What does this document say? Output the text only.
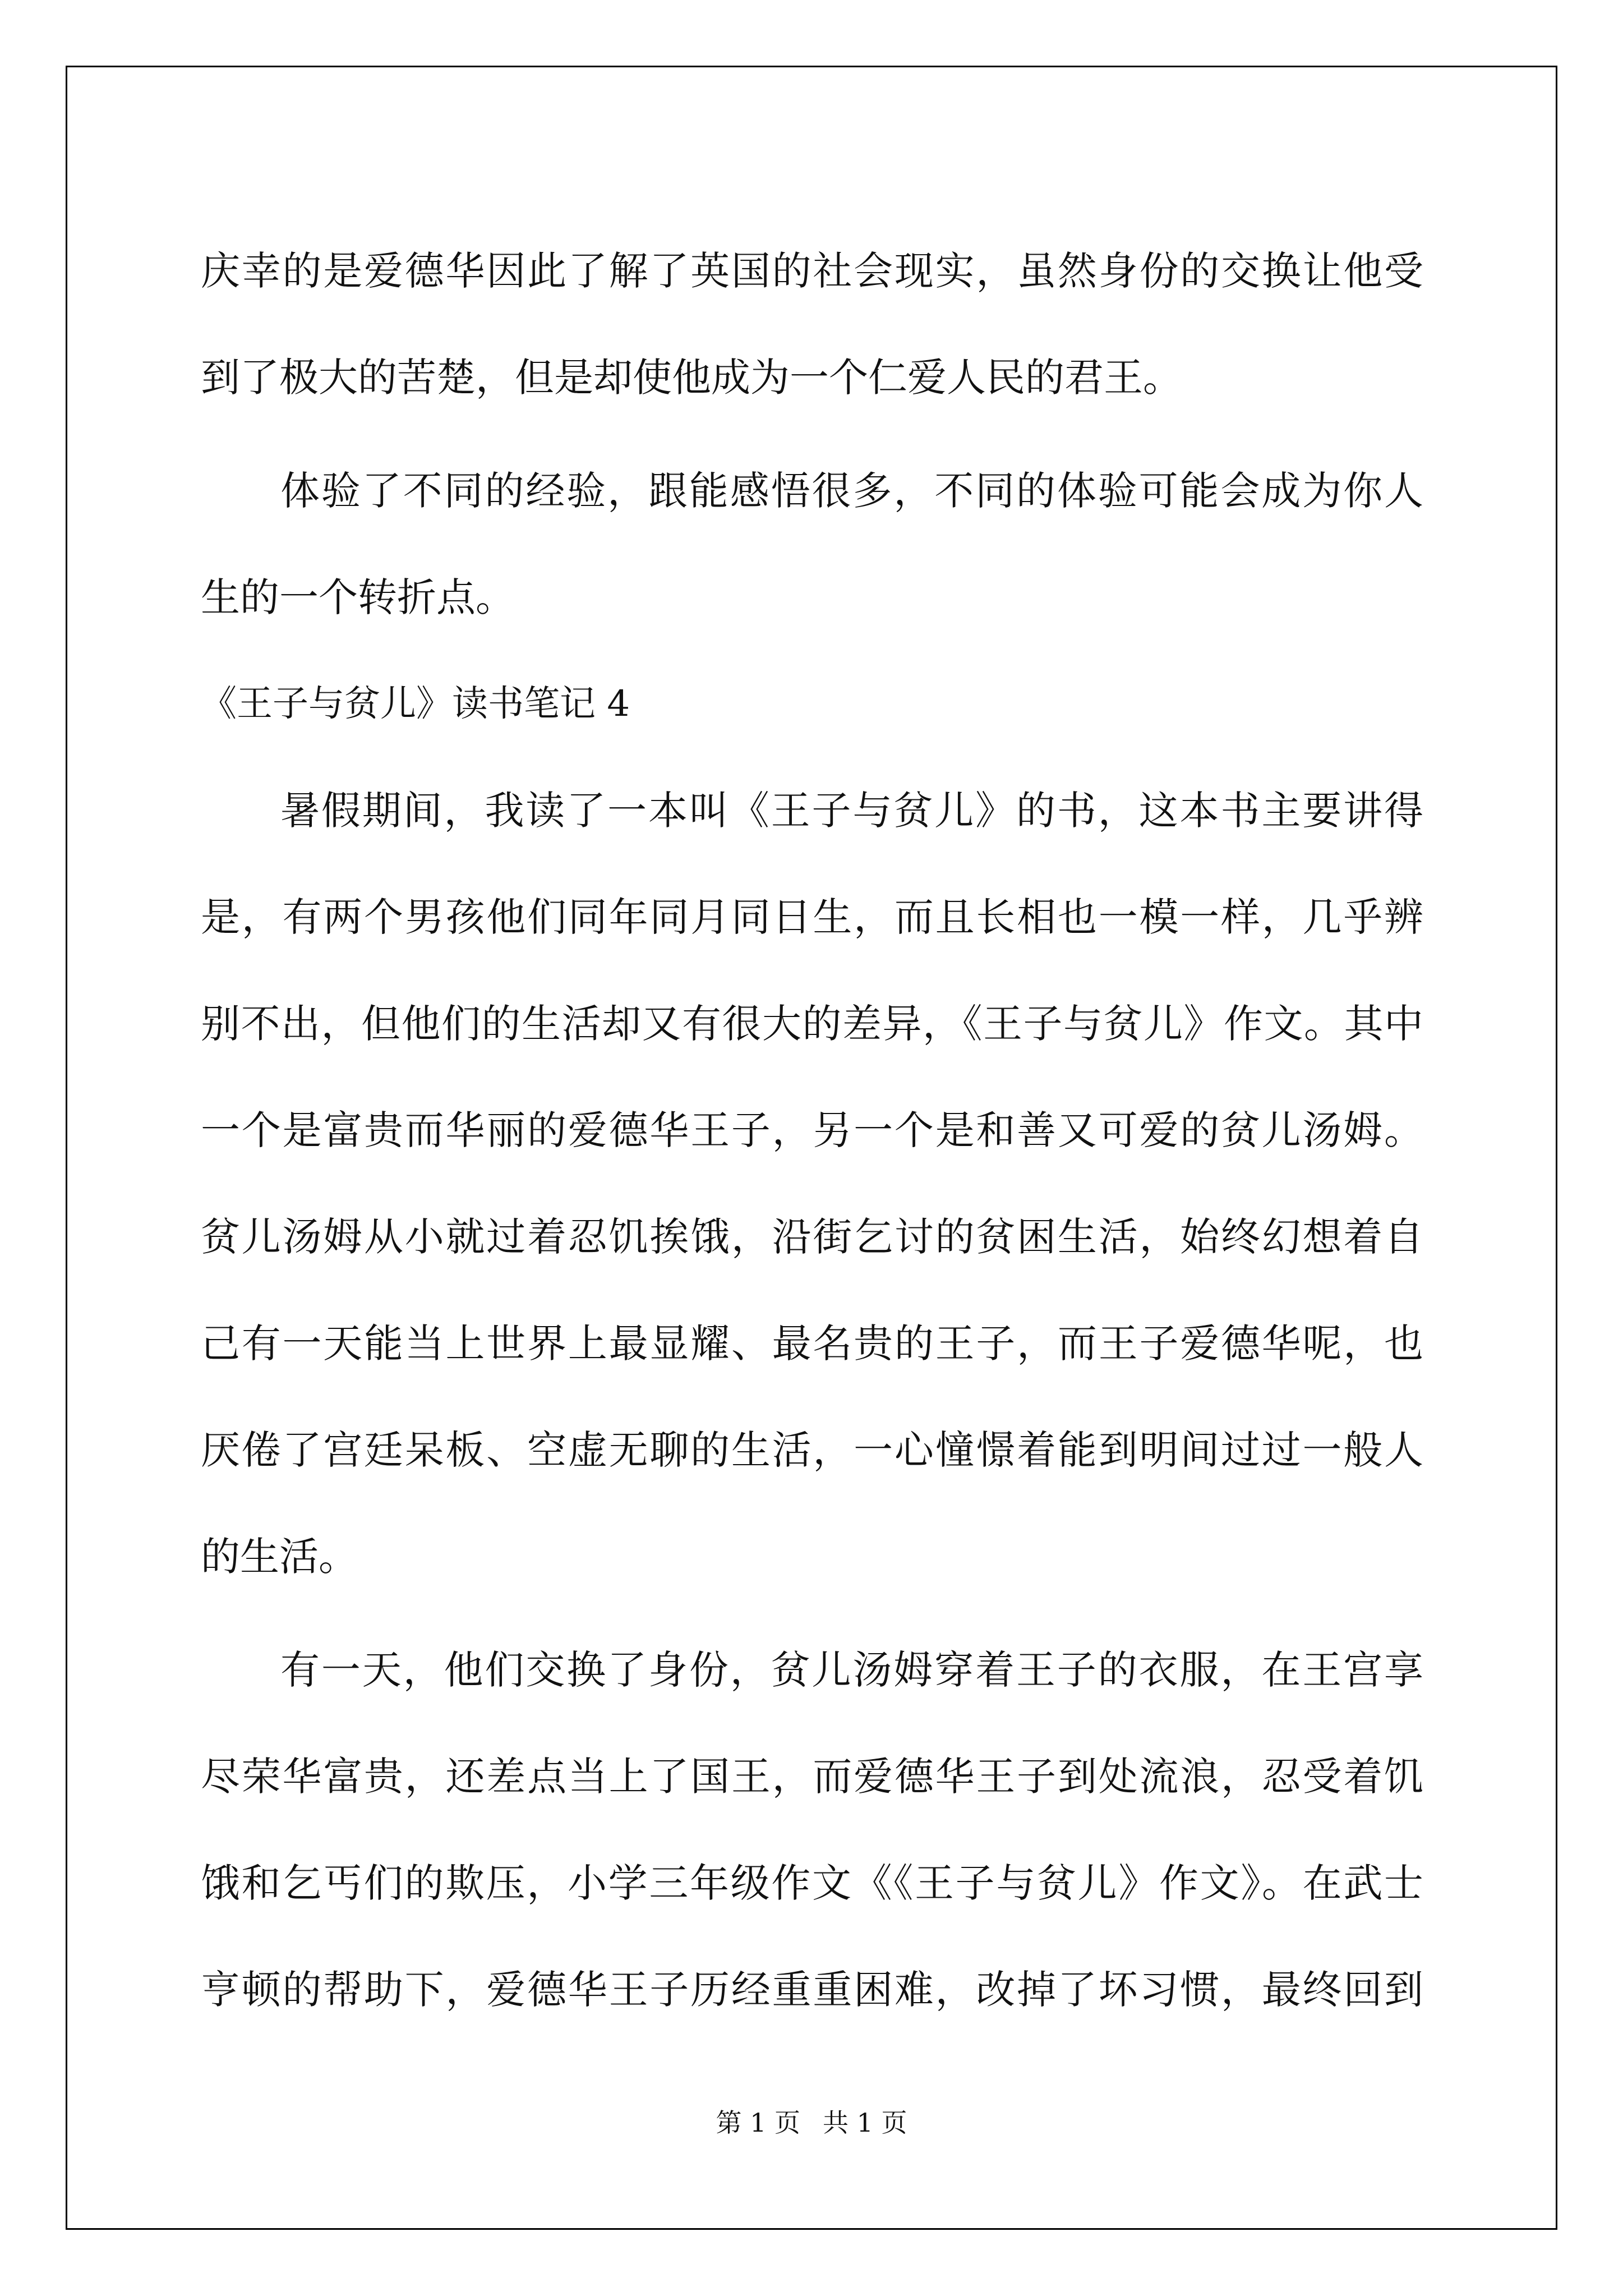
庆幸的是爱德华因此了解了英国的社会现实，虽然身份的交换让他受
到了极大的苦楚，但是却使他成为一个仁爱人民的君王。
体验了不同的经验，跟能感悟很多，不同的体验可能会成为你人
生的一个转折点。
《王子与贫儿》读书笔记 4
暑假期间，我读了一本叫《王子与贫儿》的书，这本书主要讲得
是，有两个男孩他们同年同月同日生，而且长相也一模一样，几乎辨
别不出，但他们的生活却又有很大的差异，《王子与贫儿》作文。其中
一个是富贵而华丽的爱德华王子，另一个是和善又可爱的贫儿汤姆。
贫儿汤姆从小就过着忍饥挨饿，沿街乞讨的贫困生活，始终幻想着自
己有一天能当上世界上最显耀、最名贵的王子，而王子爱德华呢，也
厌倦了宫廷呆板、空虚无聊的生活，一心憧憬着能到明间过过一般人
的生活。
有一天，他们交换了身份，贫儿汤姆穿着王子的衣服，在王宫享
尽荣华富贵，还差点当上了国王，而爱德华王子到处流浪，忍受着饥
饿和乞丐们的欺压，小学三年级作文《《王子与贫儿》作文》。在武士
亨顿的帮助下，爱德华王子历经重重困难，改掉了坏习惯，最终回到
第 1 页 共 1 页
